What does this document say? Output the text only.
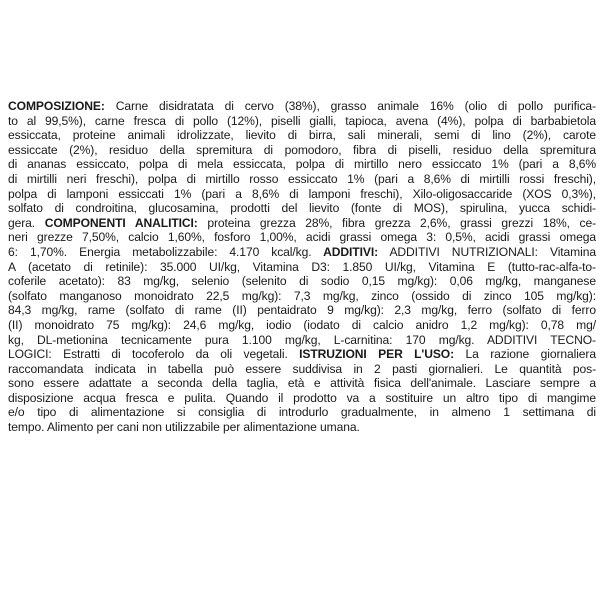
COMPOSIZIONE: Carne disidratata di cervo (38%), grasso animale 16% (olio di pollo purifica-
to al 99,5%), carne fresca di pollo (12%), piselli gialli, tapioca, avena (4%), polpa di barbabietola
essiccata, proteine animali idrolizzate, lievito di birra, sali minerali, semi di lino (2%), carote
essiccate (2%), residuo della spremitura di pomodoro, fibra di piselli, residuo della spremitura
di ananas essiccato, polpa di mela essiccata, polpa di mirtillo nero essiccato 1% (pari a 8,6%
di mirtilli neri freschi), polpa di mirtillo rosso essiccato 1% (pari a 8,6% di mirtilli rossi freschi),
polpa di lamponi essiccati 1% (pari a 8,6% di lamponi freschi), Xilo-oligosaccaride (XOS 0,3%),
solfato di condroitina, glucosamina, prodotti del lievito (fonte di MOS), spirulina, yucca schidi-
gera. COMPONENTI ANALITICI: proteina grezza 28%, fibra grezza 2,6%, grassi grezzi 18%, ce-
neri grezze 7,50%, calcio 1,60%, fosforo 1,00%, acidi grassi omega 3: 0,5%, acidi grassi omega
6: 1,70%. Energia metabolizzabile: 4.170 kcal/kg. ADDITIVI: ADDITIVI NUTRIZIONALI: Vitamina
A (acetato di retinile): 35.000 UI/kg, Vitamina D3: 1.850 UI/kg, Vitamina E (tutto-rac-alfa-to-
coferile acetato): 83 mg/kg, selenio (selenito di sodio 0,15 mg/kg): 0,06 mg/kg, manganese
(solfato manganoso monoidrato 22,5 mg/kg): 7,3 mg/kg, zinco (ossido di zinco 105 mg/kg):
84,3 mg/kg, rame (solfato di rame (II) pentaidrato 9 mg/kg): 2,3 mg/kg, ferro (solfato di ferro
(II) monoidrato 75 mg/kg): 24,6 mg/kg, iodio (iodato di calcio anidro 1,2 mg/kg): 0,78 mg/
kg, DL-metionina tecnicamente pura 1.100 mg/kg, L-carnitina: 170 mg/kg. ADDITIVI TECNO-
LOGICI: Estratti di tocoferolo da oli vegetali. ISTRUZIONI PER L'USO: La razione giornaliera
raccomandata indicata in tabella può essere suddivisa in 2 pasti giornalieri. Le quantità pos-
sono essere adattate a seconda della taglia, età e attività fisica dell'animale. Lasciare sempre a
disposizione acqua fresca e pulita. Quando il prodotto va a sostituire un altro tipo di mangime
e/o tipo di alimentazione si consiglia di introdurlo gradualmente, in almeno 1 settimana di
tempo. Alimento per cani non utilizzabile per alimentazione umana.
